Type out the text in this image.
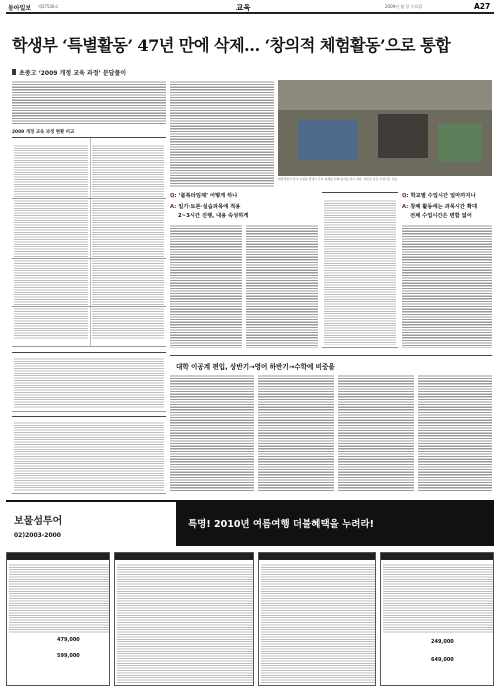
동아일보 제27536호	교육	2009년 월 일 수요일	A27
학생부 ‘특별활동’ 47년 만에 삭제… ‘창의적 체험활동’으로 통합
초중고 ‘2009 개정 교육 과정’ 문답풀이
2009 개정 교육 과정 현황 비교
대학생들이 학교 수업을 끝내고 주가 과제를 위해 준비를 하고 있다. 사진은 자료 수업시간 모습.
Q: ‘블록타임제’ 어떻게 하나
A: 일기·토론·실습과목에 적용
2~3시간 진행, 내용 숙성하게
Q: 학교별 수업시간 얼마까지나
A: 창체 활동에는 과목시간 확대
전체 수업시간은 변함 없어
대학 이공계 편입, 상반기→영어 하반기→수학에 비중을
보물섬투어
02)2003-2000
특명! 2010년 여름여행 더블혜택을 누려라!
479,000
599,000
249,000
649,000
